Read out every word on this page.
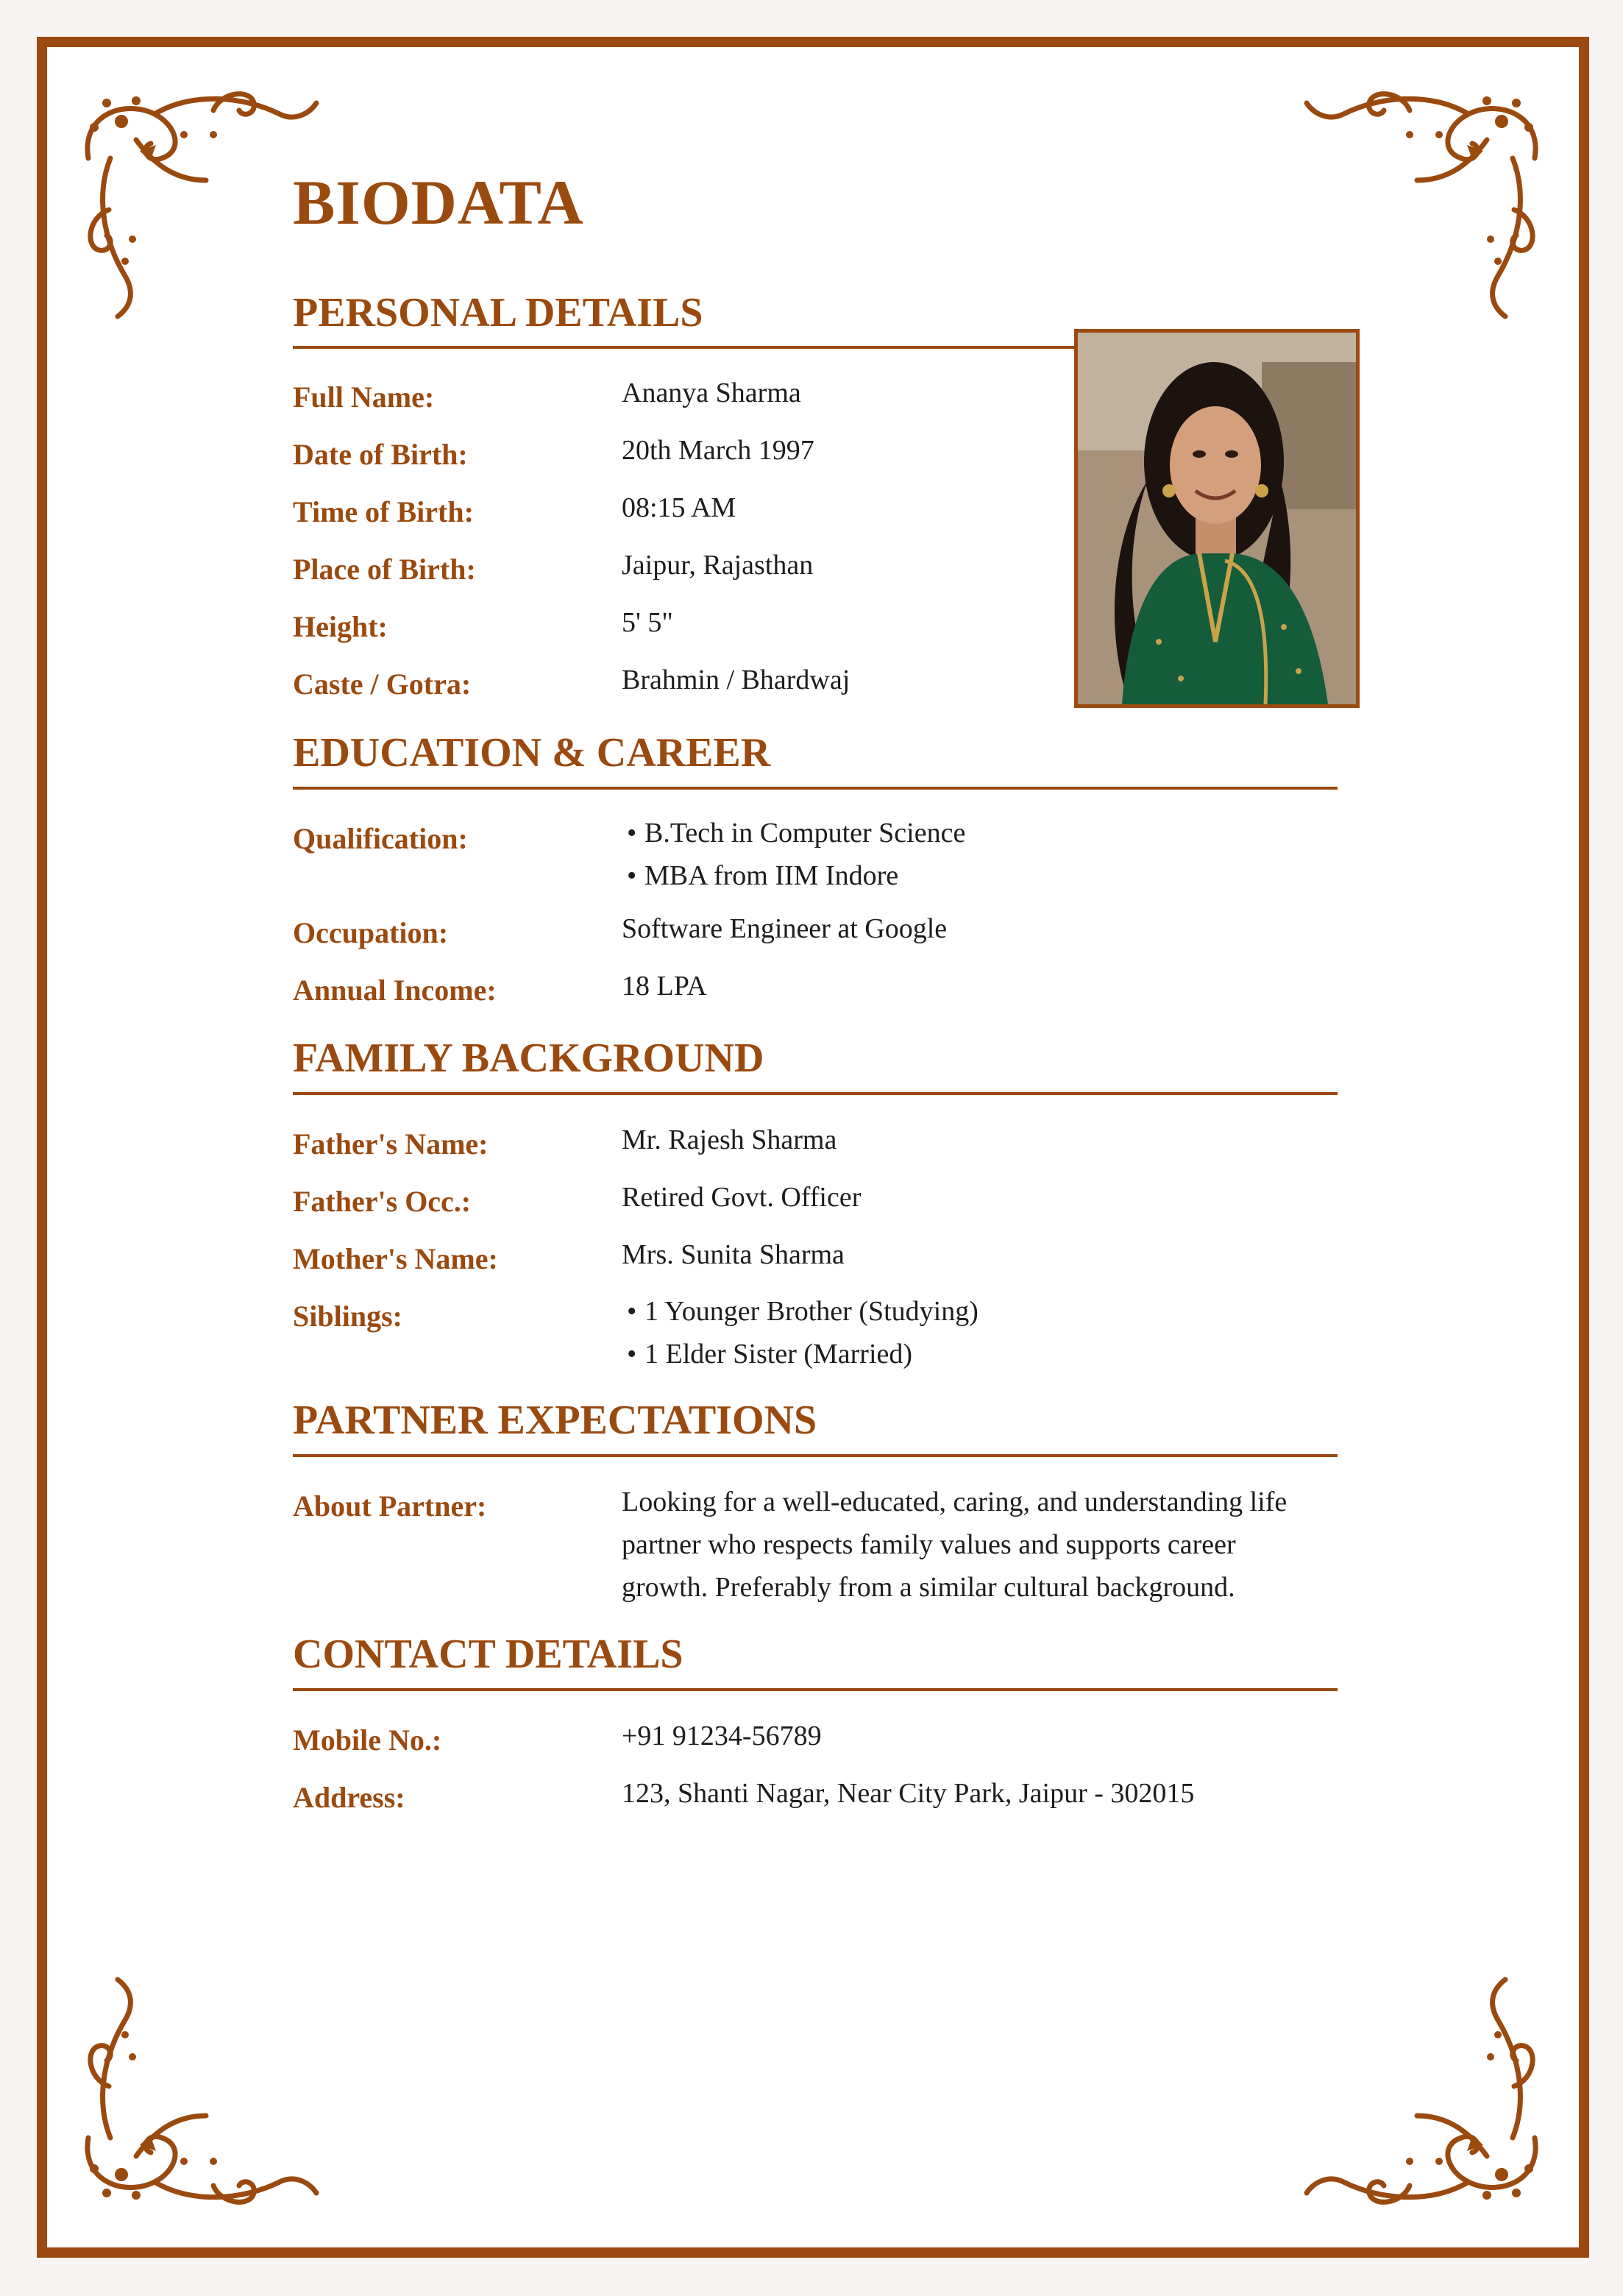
BIODATA
PERSONAL DETAILS
Full Name:	Ananya Sharma
Date of Birth:	20th March 1997
Time of Birth:	08:15 AM
Place of Birth:	Jaipur, Rajasthan
Height:	5' 5"
Caste / Gotra:	Brahmin / Bhardwaj
EDUCATION & CAREER
Qualification:	• B.Tech in Computer Science
• MBA from IIM Indore
Occupation:	Software Engineer at Google
Annual Income:	18 LPA
FAMILY BACKGROUND
Father's Name:	Mr. Rajesh Sharma
Father's Occ.:	Retired Govt. Officer
Mother's Name:	Mrs. Sunita Sharma
Siblings:	• 1 Younger Brother (Studying)
• 1 Elder Sister (Married)
PARTNER EXPECTATIONS
About Partner:	Looking for a well-educated, caring, and understanding life partner who respects family values and supports career growth. Preferably from a similar cultural background.
CONTACT DETAILS
Mobile No.:	+91 91234-56789
Address:	123, Shanti Nagar, Near City Park, Jaipur - 302015
